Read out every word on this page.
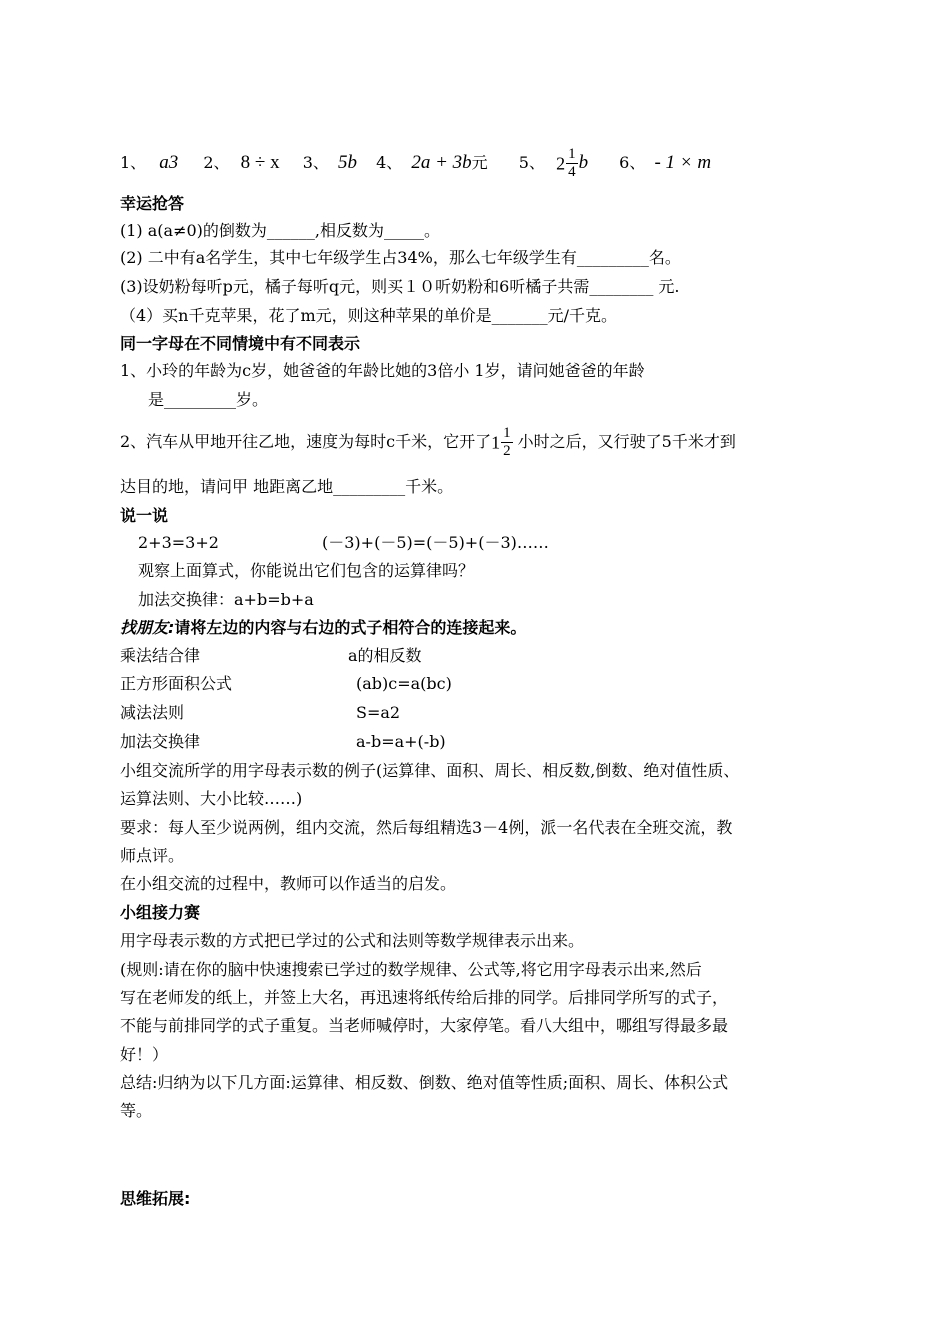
1、 a3 2、 8 ÷ x 3、 5b 4、 2a + 3b元 5、 $2 \frac{1}{4}$ b 6、 - 1 × m
幸运抢答
(1) a(a≠0)的倒数为______,相反数为_____。
(2) 二中有a名学生，其中七年级学生占34%，那么七年级学生有_________名。
(3)设奶粉每听p元，橘子每听q元，则买１０听奶粉和6听橘子共需________ 元.
（4）买n千克苹果，花了m元，则这种苹果的单价是_______元/千克。
同一字母在不同情境中有不同表示
1、小玲的年龄为c岁，她爸爸的年龄比她的3倍小 1岁，请问她爸爸的年龄
是_________岁。
2、汽车从甲地开往乙地，速度为每时c千米，它开了$1 \frac{1}{2}$ 小时之后，又行驶了5千米才到
达目的地，请问甲 地距离乙地_________千米。
说一说
2+3=3+2	(－3)+(－5)=(－5)+(－3)……
观察上面算式，你能说出它们包含的运算律吗？
加法交换律：a+b=b+a
找朋友:请将左边的内容与右边的式子相符合的连接起来。
乘法结合律	a的相反数
正方形面积公式	(ab)c=a(bc)
减法法则	S=a2
加法交换律	a-b=a+(-b)
小组交流所学的用字母表示数的例子(运算律、面积、周长、相反数,倒数、绝对值性质、
运算法则、大小比较……)
要求：每人至少说两例，组内交流，然后每组精选3－4例，派一名代表在全班交流，教
师点评。
在小组交流的过程中，教师可以作适当的启发。
小组接力赛
用字母表示数的方式把已学过的公式和法则等数学规律表示出来。
(规则:请在你的脑中快速搜索已学过的数学规律、公式等,将它用字母表示出来,然后
写在老师发的纸上，并签上大名，再迅速将纸传给后排的同学。后排同学所写的式子，
不能与前排同学的式子重复。当老师喊停时，大家停笔。看八大组中，哪组写得最多最
好！）
总结:归纳为以下几方面:运算律、相反数、倒数、绝对值等性质;面积、周长、体积公式
等。
思维拓展:
